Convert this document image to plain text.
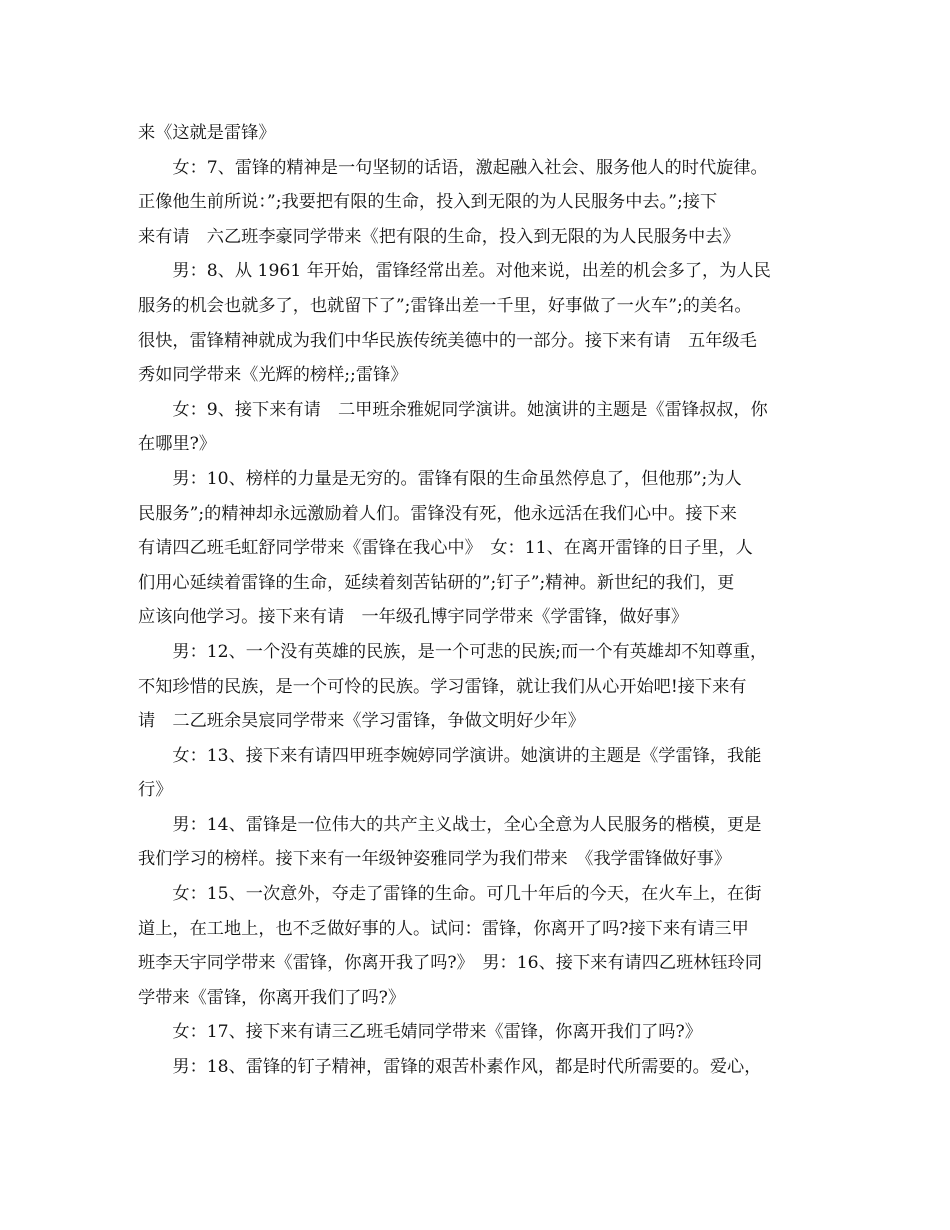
来《这就是雷锋》
　　女：7、雷锋的精神是一句坚韧的话语，激起融入社会、服务他人的时代旋律。
正像他生前所说：”;我要把有限的生命，投入到无限的为人民服务中去。”;接下
来有请　六乙班李豪同学带来《把有限的生命，投入到无限的为人民服务中去》
　　男：8、从 1961 年开始，雷锋经常出差。对他来说，出差的机会多了，为人民
服务的机会也就多了，也就留下了”;雷锋出差一千里，好事做了一火车”;的美名。
很快，雷锋精神就成为我们中华民族传统美德中的一部分。接下来有请　五年级毛
秀如同学带来《光辉的榜样;;雷锋》
　　女：9、接下来有请　二甲班余雅妮同学演讲。她演讲的主题是《雷锋叔叔，你
在哪里?》
　　男：10、榜样的力量是无穷的。雷锋有限的生命虽然停息了，但他那”;为人
民服务”;的精神却永远激励着人们。雷锋没有死，他永远活在我们心中。接下来
有请四乙班毛虹舒同学带来《雷锋在我心中》　女：11、在离开雷锋的日子里，人
们用心延续着雷锋的生命，延续着刻苦钻研的”;钉子”;精神。新世纪的我们，更
应该向他学习。接下来有请　一年级孔博宇同学带来《学雷锋，做好事》
　　男：12、一个没有英雄的民族，是一个可悲的民族;而一个有英雄却不知尊重，
不知珍惜的民族，是一个可怜的民族。学习雷锋，就让我们从心开始吧!接下来有
请　二乙班余昊宸同学带来《学习雷锋，争做文明好少年》
　　女：13、接下来有请四甲班李婉婷同学演讲。她演讲的主题是《学雷锋，我能
行》
　　男：14、雷锋是一位伟大的共产主义战士，全心全意为人民服务的楷模，更是
我们学习的榜样。接下来有一年级钟姿雅同学为我们带来　《我学雷锋做好事》
　　女：15、一次意外，夺走了雷锋的生命。可几十年后的今天，在火车上，在街
道上，在工地上，也不乏做好事的人。试问：雷锋，你离开了吗?接下来有请三甲
班李天宇同学带来《雷锋，你离开我了吗?》　男：16、接下来有请四乙班林钰玲同
学带来《雷锋，你离开我们了吗?》
　　女：17、接下来有请三乙班毛婧同学带来《雷锋，你离开我们了吗?》
　　男：18、雷锋的钉子精神，雷锋的艰苦朴素作风，都是时代所需要的。爱心，
